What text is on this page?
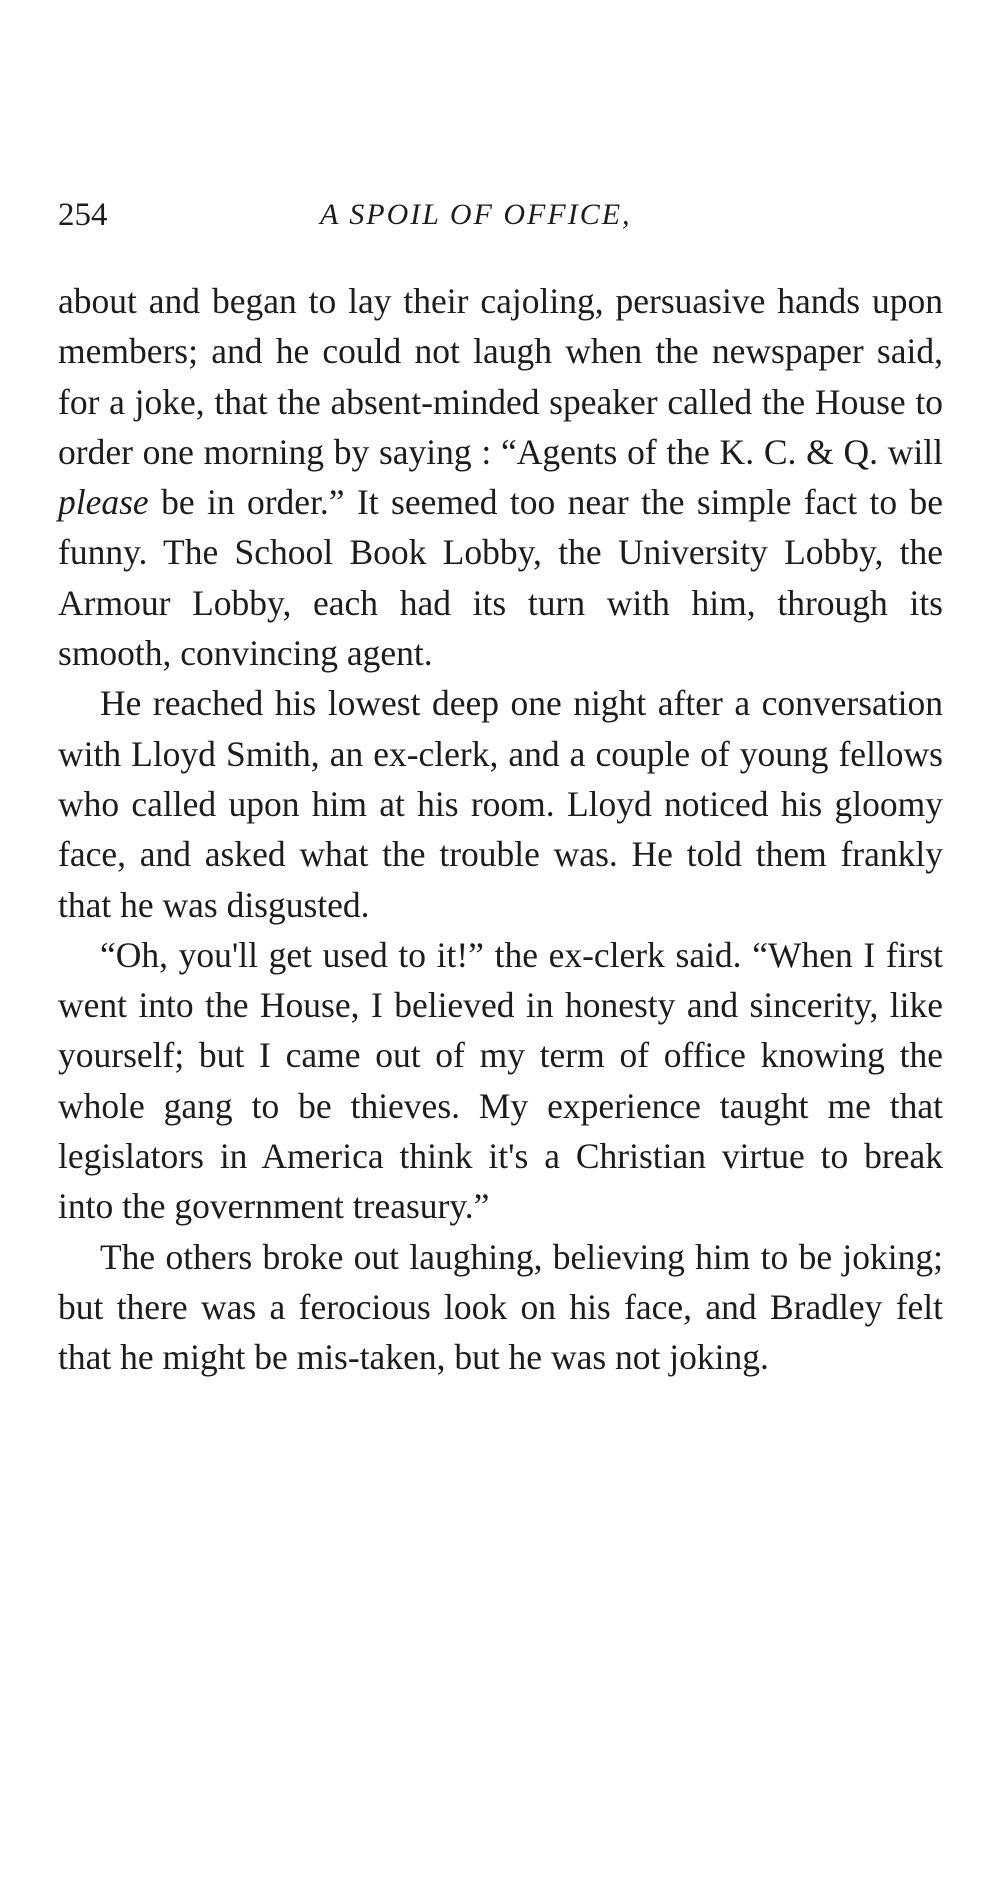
254	A SPOIL OF OFFICE,

about and began to lay their cajoling, persuasive hands upon members; and he could not laugh when the newspaper said, for a joke, that the absent-minded speaker called the House to order one morning by saying : “Agents of the K. C. & Q. will please be in order.” It seemed too near the simple fact to be funny. The School Book Lobby, the University Lobby, the Armour Lobby, each had its turn with him, through its smooth, convincing agent.

He reached his lowest deep one night after a conversation with Lloyd Smith, an ex-clerk, and a couple of young fellows who called upon him at his room. Lloyd noticed his gloomy face, and asked what the trouble was. He told them frankly that he was disgusted.

“Oh, you'll get used to it!” the ex-clerk said. “When I first went into the House, I believed in honesty and sincerity, like yourself; but I came out of my term of office knowing the whole gang to be thieves. My experience taught me that legislators in America think it's a Christian virtue to break into the government treasury.”

The others broke out laughing, believing him to be joking; but there was a ferocious look on his face, and Bradley felt that he might be mis-taken, but he was not joking.
